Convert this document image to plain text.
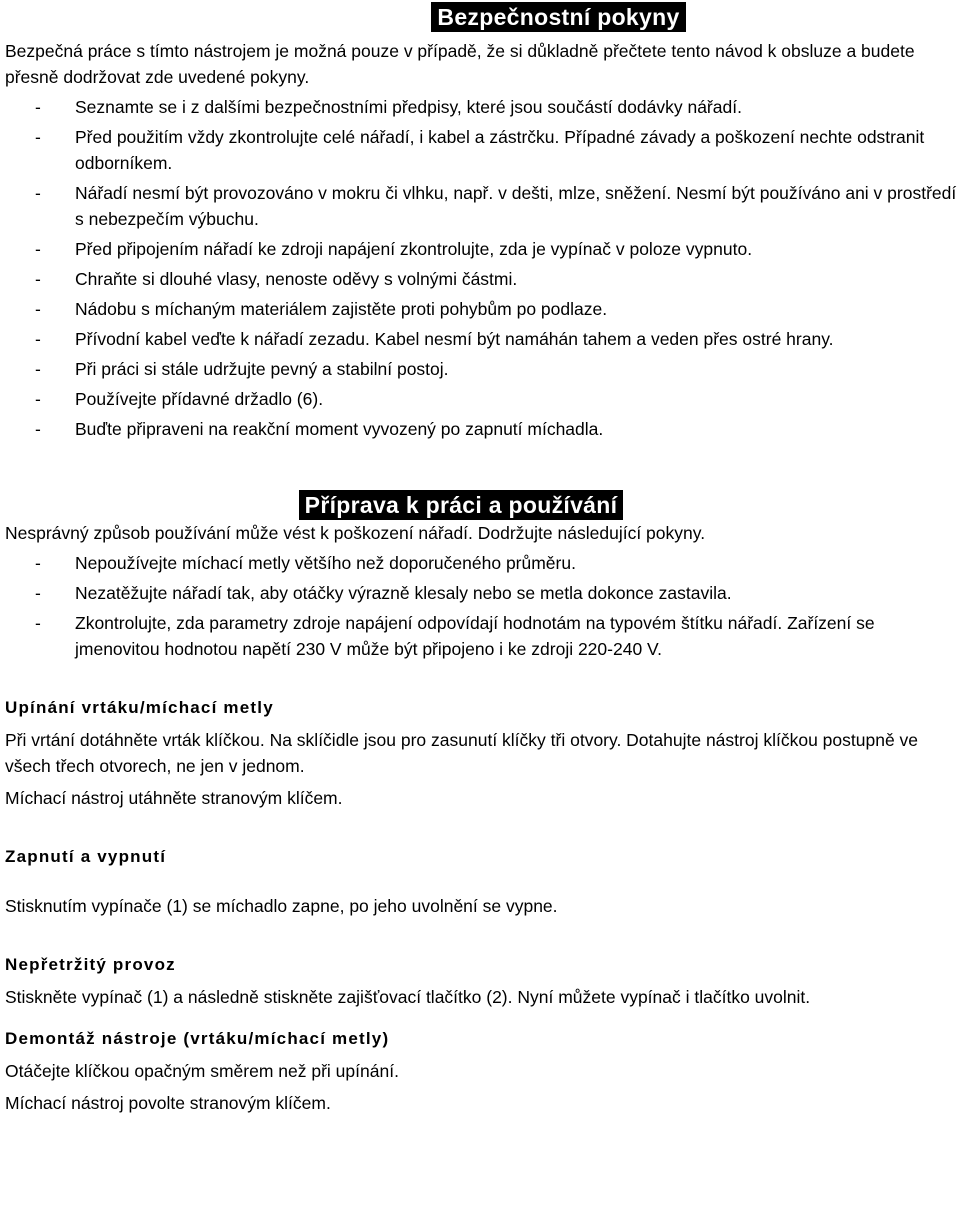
Bezpečnostní pokyny

Bezpečná práce s tímto nástrojem je možná pouze v případě, že si důkladně přečtete tento návod k obsluze a budete přesně dodržovat zde uvedené pokyny.

- Seznamte se i z dalšími bezpečnostními předpisy, které jsou součástí dodávky nářadí.
- Před použitím vždy zkontrolujte celé nářadí, i kabel a zástrčku. Případné závady a poškození nechte odstranit odborníkem.
- Nářadí nesmí být provozováno v mokru či vlhku, např. v dešti, mlze, sněžení. Nesmí být používáno ani v prostředí s nebezpečím výbuchu.
- Před připojením nářadí ke zdroji napájení zkontrolujte, zda je vypínač v poloze vypnuto.
- Chraňte si dlouhé vlasy, nenoste oděvy s volnými částmi.
- Nádobu s míchaným materiálem zajistěte proti pohybům po podlaze.
- Přívodní kabel veďte k nářadí zezadu. Kabel nesmí být namáhán tahem a veden přes ostré hrany.
- Při práci si stále udržujte pevný a stabilní postoj.
- Používejte přídavné držadlo (6).
- Buďte připraveni na reakční moment vyvozený po zapnutí míchadla.
Příprava k práci a používání

Nesprávný způsob používání může vést k poškození nářadí. Dodržujte následující pokyny.

- Nepoužívejte míchací metly většího než doporučeného průměru.
- Nezatěžujte nářadí tak, aby otáčky výrazně klesaly nebo se metla dokonce zastavila.
- Zkontrolujte, zda parametry zdroje napájení odpovídají hodnotám na typovém štítku nářadí. Zařízení se jmenovitou hodnotou napětí 230 V může být připojeno i ke zdroji 220-240 V.
Upínání vrtáku/míchací metly

Při vrtání dotáhněte vrták klíčkou. Na sklíčidle jsou pro zasunutí klíčky tři otvory. Dotahujte nástroj klíčkou postupně ve všech třech otvorech, ne jen v jednom.

Míchací nástroj utáhněte stranovým klíčem.

Zapnutí a vypnutí

Stisknutím vypínače (1) se míchadlo zapne, po jeho uvolnění se vypne.

Nepřetržitý provoz

Stiskněte vypínač (1) a následně stiskněte zajišťovací tlačítko (2). Nyní můžete vypínač i tlačítko uvolnit.

Demontáž nástroje (vrtáku/míchací metly)

Otáčejte klíčkou opačným směrem než při upínání.

Míchací nástroj povolte stranovým klíčem.
